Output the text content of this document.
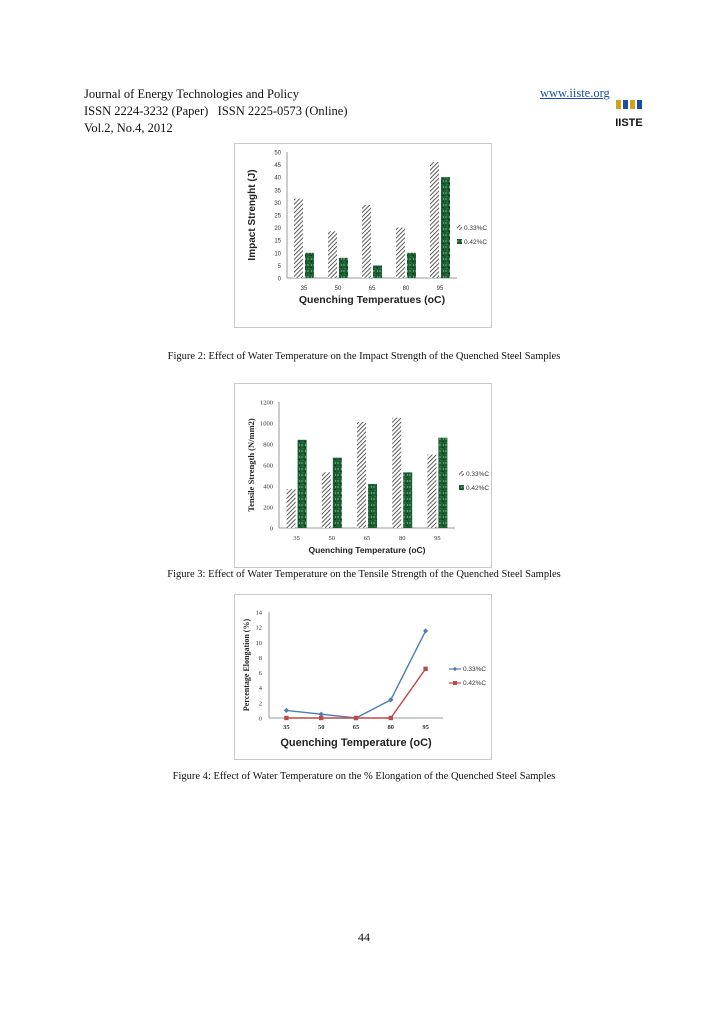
Journal of Energy Technologies and Policy
ISSN 2224-3232 (Paper)   ISSN 2225-0573 (Online)
Vol.2, No.4, 2012
www.iiste.org
IISTE
0
5
10
15
20
25
30
35
40
45
50
35	50	65	80	95
Quenching Temperatues (oC)
Impact Strenght (J)	0.33%C
0.42%C
Figure 2: Effect of Water Temperature on the Impact Strength of the Quenched Steel Samples
0
200
400
600
800
1000
1200
35	50	65	80	95
Quenching Temperature (oC)
Tensile Strength (N/mm2)	0.33%C
0.42%C
Figure 3: Effect of Water Temperature on the Tensile Strength of the Quenched Steel Samples
0
2
4
6
8
10
12
14
35	50	65	80	95
0.33%C
0.42%C
Quenching Temperature (oC)
Percentage Elongation (%)
Figure 4: Effect of Water Temperature on the % Elongation of the Quenched Steel Samples
44
